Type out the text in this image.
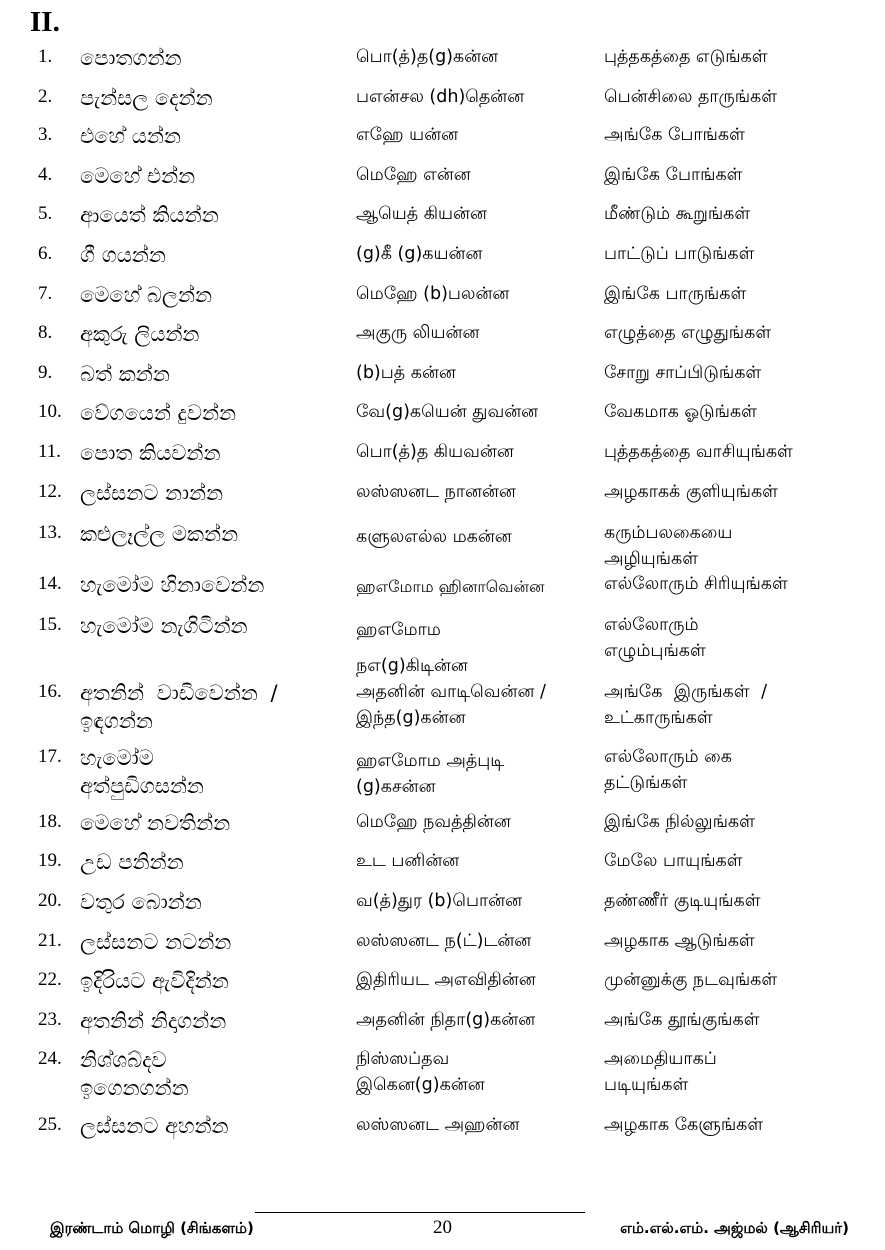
II.
1.	පොතගන්න	பொ(த்)த(g)கன்ன	புத்தகத்தை எடுங்கள்
2.	පැන්සල දෙන්න	பஎன்சல (dh)தென்ன	பென்சிலை தாருங்கள்
3.	එහේ යන්න	எஹே யன்ன	அங்கே போங்கள்
4.	මෙහේ එන්න	மெஹே என்ன	இங்கே போங்கள்
5.	ආයෙත් කියන්න	ஆயெத் கியன்ன	மீண்டும் கூறுங்கள்
6.	ගී ගයන්න	(g)கீ (g)கயன்ன	பாட்டுப் பாடுங்கள்
7.	මෙහේ බලන්න	மெஹே (b)பலன்ன	இங்கே பாருங்கள்
8.	අකුරු ලියන්න	அகுரு லியன்ன	எழுத்தை எழுதுங்கள்
9.	බත් කන්න	(b)பத் கன்ன	சோறு சாப்பிடுங்கள்
10. වේගයෙන් දුවන්න	வே(g)கயென் துவன்ன	வேகமாக ஓடுங்கள்
11. පොත කියවන්න	பொ(த்)த கியவன்ன	புத்தகத்தை வாசியுங்கள்
12. ලස්සනට නාන්න	லஸ்ஸனட நானன்ன	அழகாகக் குளியுங்கள்
13. කළුලෑල්ල මකන්න	களுலஎல்ல மகன்ன	கரும்பலகையை அழியுங்கள்
14. හැමෝම හිනාවෙන්න	ஹஎமோம ஹினாவென்ன	எல்லோரும் சிரியுங்கள்
15. හැමෝම නැගිටින්න	ஹஎமோம நஎ(g)கிடின்ன
எல்லோரும் எழும்புங்கள்
16. අතනින් වාඩිවෙන්න / ඉඳගන්න
அதனின் வாடிவென்ன / இந்த(g)கன்ன
அங்கே இருங்கள் / உட்காருங்கள்
17. හැමෝම අත්පුඩිගසන්න
ஹஎமோம அத்புடி (g)கசன்ன
எல்லோரும் கை தட்டுங்கள்
18. මෙහේ නවතින්න	மெஹே நவத்தின்ன	இங்கே நில்லுங்கள்
19. උඩ පනින්න	உட பனின்ன	மேலே பாயுங்கள்
20. වතුර බොන්න	வ(த்)துர (b)பொன்ன	தண்ணீர் குடியுங்கள்
21. ලස්සනට නටන්න	லஸ்ஸனட ந(ட்)டன்ன	அழகாக ஆடுங்கள்
22. ඉදිරියට ඇවිදින්න	இதிரியட அஎவிதின்ன	முன்னுக்கு நடவுங்கள்
23. අතනින් නිදාගන්න	அதனின் நிதா(g)கன்ன	அங்கே தூங்குங்கள்
24. නිශ්ශබ්දව ඉගෙනගන්න
நிஸ்ஸப்தவ இகென(g)கன்ன
அமைதியாகப் படியுங்கள்
25. ලස්සනට අහන්න	லஸ்ஸனட அஹன்ன	அழகாக கேளுங்கள்
இரண்டாம் மொழி (சிங்களம்)	20	எம்.எல்.எம். அஜ்மல் (ஆசிரியர்)
